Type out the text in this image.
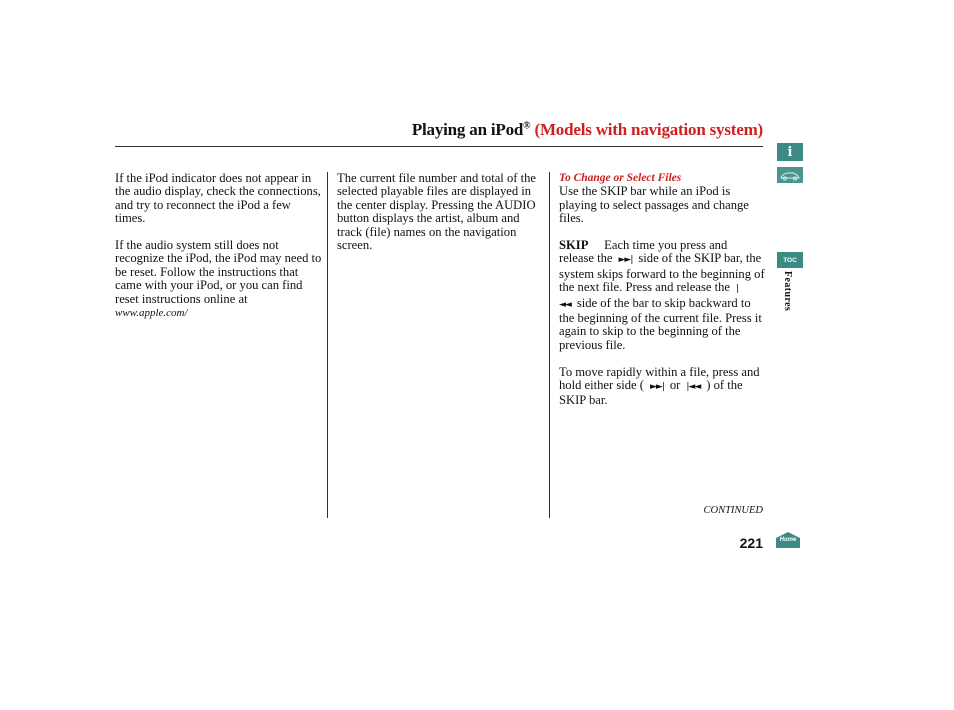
Playing an iPod® (Models with navigation system)

If the iPod indicator does not appear in the audio display, check the connections, and try to reconnect the iPod a few times.

If the audio system still does not recognize the iPod, the iPod may need to be reset. Follow the instructions that came with your iPod, or you can find reset instructions online at www.apple.com/

The current file number and total of the selected playable files are displayed in the center display. Pressing the AUDIO button displays the artist, album and track (file) names on the navigation screen.

To Change or Select Files

Use the SKIP bar while an iPod is playing to select passages and change files.

SKIP Each time you press and release the ►►| side of the SKIP bar, the system skips forward to the beginning of the next file. Press and release the |◄◄ side of the bar to skip backward to the beginning of the current file. Press it again to skip to the beginning of the previous file.

To move rapidly within a file, press and hold either side ( ►►| or |◄◄ ) of the SKIP bar.

CONTINUED
221
i
TOC
Features
Home
